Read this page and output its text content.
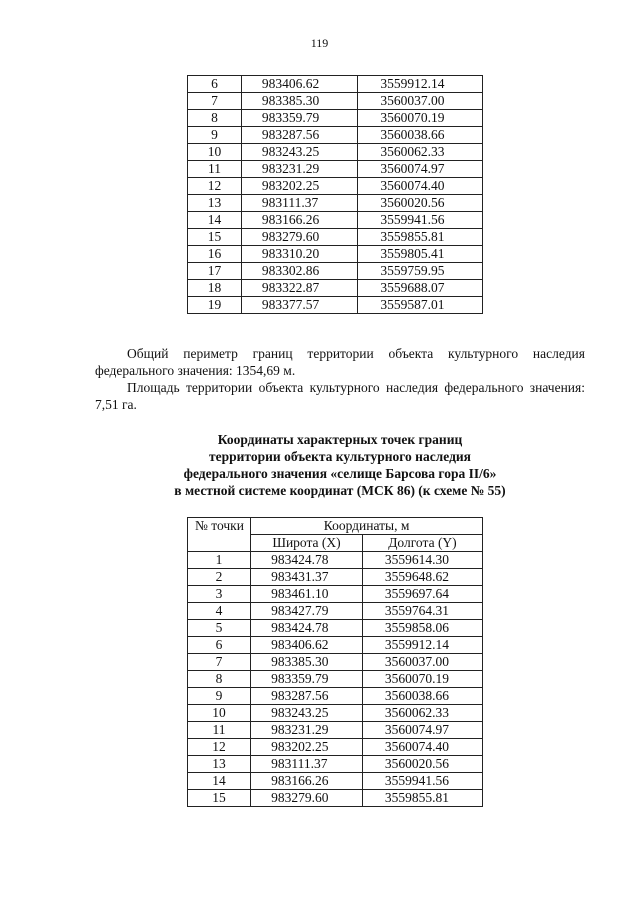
119
6	983406.62	3559912.14
7	983385.30	3560037.00
8	983359.79	3560070.19
9	983287.56	3560038.66
10	983243.25	3560062.33
11	983231.29	3560074.97
12	983202.25	3560074.40
13	983111.37	3560020.56
14	983166.26	3559941.56
15	983279.60	3559855.81
16	983310.20	3559805.41
17	983302.86	3559759.95
18	983322.87	3559688.07
19	983377.57	3559587.01

Общий периметр границ территории объекта культурного наследия федерального значения: 1354,69 м.

Площадь территории объекта культурного наследия федерального значения: 7,51 га.

Координаты характерных точек границ
территории объекта культурного наследия
федерального значения «селище Барсова гора II/6»
в местной системе координат (МСК 86) (к схеме № 55)
№ точки	Координаты, м	
	Широта (X)	Долгота (Y)
1	983424.78	3559614.30
2	983431.37	3559648.62
3	983461.10	3559697.64
4	983427.79	3559764.31
5	983424.78	3559858.06
6	983406.62	3559912.14
7	983385.30	3560037.00
8	983359.79	3560070.19
9	983287.56	3560038.66
10	983243.25	3560062.33
11	983231.29	3560074.97
12	983202.25	3560074.40
13	983111.37	3560020.56
14	983166.26	3559941.56
15	983279.60	3559855.81
